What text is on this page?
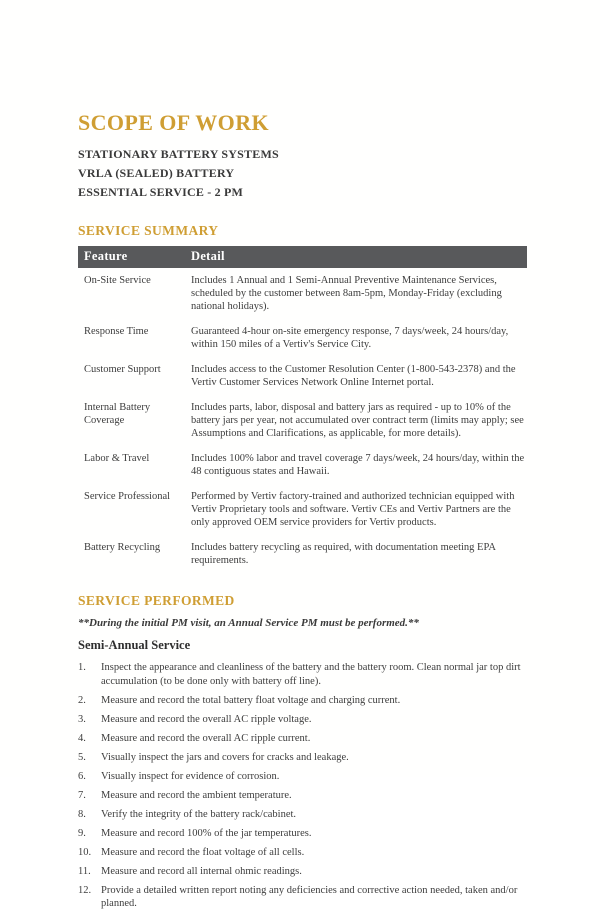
SCOPE OF WORK
STATIONARY BATTERY SYSTEMS
VRLA (SEALED) BATTERY
ESSENTIAL SERVICE - 2 PM
SERVICE SUMMARY
Feature	Detail
On-Site Service	Includes 1 Annual and 1 Semi-Annual Preventive Maintenance Services, scheduled by the customer between 8am-5pm, Monday-Friday (excluding national holidays).
Response Time	Guaranteed 4-hour on-site emergency response, 7 days/week, 24 hours/day, within 150 miles of a Vertiv's Service City.
Customer Support	Includes access to the Customer Resolution Center (1-800-543-2378) and the Vertiv Customer Services Network Online Internet portal.
Internal Battery Coverage	Includes parts, labor, disposal and battery jars as required - up to 10% of the battery jars per year, not accumulated over contract term (limits may apply; see Assumptions and Clarifications, as applicable, for more details).
Labor & Travel	Includes 100% labor and travel coverage 7 days/week, 24 hours/day, within the 48 contiguous states and Hawaii.
Service Professional	Performed by Vertiv factory-trained and authorized technician equipped with Vertiv Proprietary tools and software. Vertiv CEs and Vertiv Partners are the only approved OEM service providers for Vertiv products.
Battery Recycling	Includes battery recycling as required, with documentation meeting EPA requirements.
SERVICE PERFORMED
**During the initial PM visit, an Annual Service PM must be performed.**
Semi-Annual Service
1.	Inspect the appearance and cleanliness of the battery and the battery room. Clean normal jar top dirt accumulation (to be done only with battery off line).
2.	Measure and record the total battery float voltage and charging current.
3.	Measure and record the overall AC ripple voltage.
4.	Measure and record the overall AC ripple current.
5.	Visually inspect the jars and covers for cracks and leakage.
6.	Visually inspect for evidence of corrosion.
7.	Measure and record the ambient temperature.
8.	Verify the integrity of the battery rack/cabinet.
9.	Measure and record 100% of the jar temperatures.
10. Measure and record the float voltage of all cells.
11. Measure and record all internal ohmic readings.
12. Provide a detailed written report noting any deficiencies and corrective action needed, taken and/or planned.
